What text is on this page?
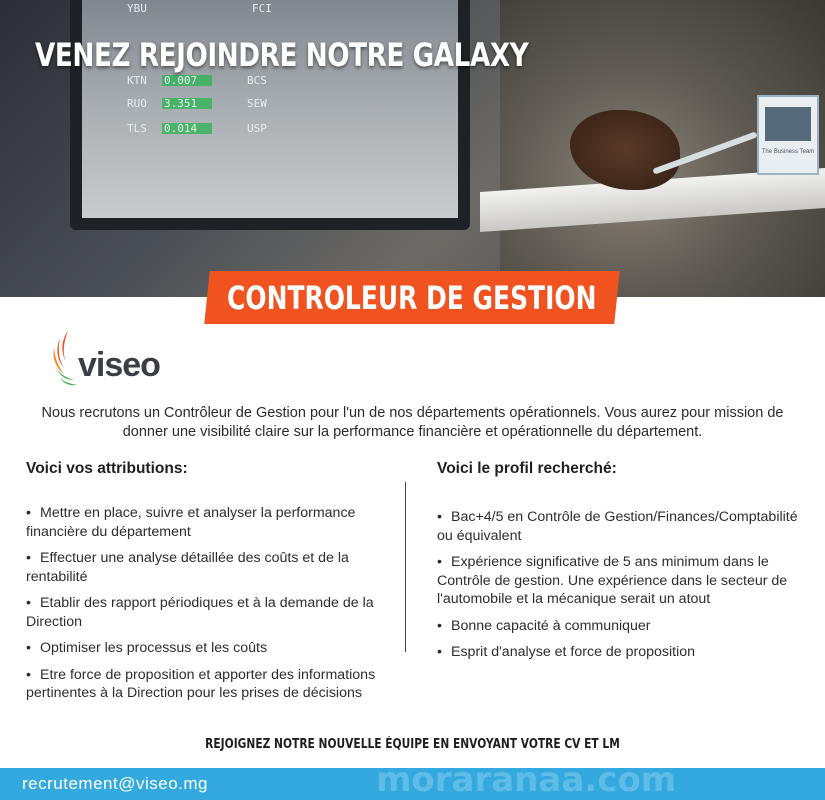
YBU	FCI
KTN 0.007	BCS
RUO 3.351	SEW
TLS 0.014	USP
The Business Team
VENEZ REJOINDRE NOTRE GALAXY
CONTROLEUR DE GESTION
viseo

Nous recrutons un Contrôleur de Gestion pour l'un de nos départements opérationnels. Vous aurez pour mission de donner une visibilité claire sur la performance financière et opérationnelle du département.

Voici vos attributions:
• Mettre en place, suivre et analyser la performance financière du département
• Effectuer une analyse détaillée des coûts et de la rentabilité
• Etablir des rapport périodiques et à la demande de la Direction
• Optimiser les processus et les coûts
• Etre force de proposition et apporter des informations pertinentes à la Direction pour les prises de décisions
Voici le profil recherché:
• Bac+4/5 en Contrôle de Gestion/Finances/Comptabilité ou équivalent
• Expérience significative de 5 ans minimum dans le Contrôle de gestion. Une expérience dans le secteur de l'automobile et la mécanique serait un atout
• Bonne capacité à communiquer
• Esprit d'analyse et force de proposition
REJOIGNEZ NOTRE NOUVELLE ÉQUIPE EN ENVOYANT VOTRE CV ET LM
moraranaa.com
recrutement@viseo.mg
